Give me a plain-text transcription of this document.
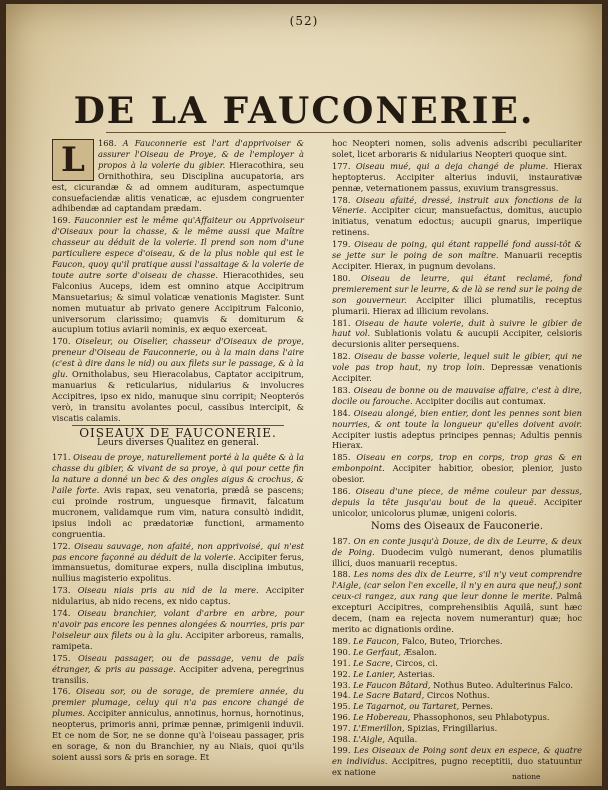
(52)
DE LA FAUCONERIE.

L	168. A Fauconnerie est l'art d'apprivoiser & assurer l'Oiseau de Proye, & de l'employer à propos à la volerie du gibier. Hieracothira, seu Ornithothira, seu Disciplina aucupatoria, ars est, cicurandæ & ad omnem audituram, aspectumque consuefaciendæ alitis venaticæ, ac ejusdem congruenter adhibendæ ad captandam prædam.

169. Fauconnier est le même qu'Affaiteur ou Apprivoiseur d'Oiseaux pour la chasse, & le même aussi que Maître chasseur au déduit de la volerie. Il prend son nom d'une particuliere espece d'oiseau, & de la plus noble qui est le Faucon, quoy qu'il pratique aussi l'assaitage & la volerie de toute autre sorte d'oiseau de chasse. Hieracothides, seu Falconius Auceps, idem est omnino atque Accipitrum Mansuetarius; & simul volaticæ venationis Magister. Sunt nomen mutuatur ab privato genere Accipitrum Falconio, universorum clarissimo; quamvis & domiturum & aucupium totius aviarii nominis, ex æquo exerceat.

170. Oiseleur, ou Oiselier, chasseur d'Oiseaux de proye, preneur d'Oiseau de Fauconnerie, ou à la main dans l'aire (c'est à dire dans le nid) ou aux filets sur le passage, & à la glu. Ornitholabus, seu Hieracolabus, Captator accipitrum, manuarius & reticularius, nidularius & involucres Accipitres, ipso ex nido, manuque sinu corripit; Neopterós verò, in transitu avolantes pocul, cassibus intercipit, & viscatis calamis.

OISEAUX DE FAUCONERIE.
Leurs diverses Qualitez en general.

171. Oiseau de proye, naturellement porté à la quête & à la chasse du gibier, & vivant de sa proye, à qui pour cette fin la nature a donné un bec & des ongles aigus & crochus, & l'aile forte. Avis rapax, seu venatoria, prædâ se pascens; cui proinde rostrum, unguesque firmavit, falcatum mucronem, validamque rum vim, natura consultò indidit, ipsius indoli ac prædatoriæ functioni, armamento congruentia.

172. Oiseau sauvage, non afaité, non apprivoisé, qui n'est pas encore façonné au déduit de la volerie. Accipiter ferus, immansuetus, domiturae expers, nulla disciplina imbutus, nullius magisterio expolitus.

173. Oiseau niais pris au nid de la mere. Accipiter nidularius, ab nido recens, ex nido captus.

174. Oiseau branchier, volant d'arbre en arbre, pour n'avoir pas encore les pennes alongées & nourries, pris par l'oiseleur aux filets ou à la glu. Accipiter arboreus, ramalis, ramipeta.

175. Oiseau passager, ou de passage, venu de païs étranger, & pris au passage. Accipiter advena, peregrinus transilis.

176. Oiseau sor, ou de sorage, de premiere année, du premier plumage, celuy qui n'a pas encore changé de plumes. Accipiter anniculus, annotinus, hornus, hornotinus, neopterus, primoris anni, primæ pennæ, primigenii induvii. Et ce nom de Sor, ne se donne qu'à l'oiseau passager, pris en sorage, & non du Branchier, ny au Niais, quoi qu'ils soient aussi sors & pris en sorage. Et

hoc Neopteri nomen, solis advenis adscribi peculiariter solet, licet arboraris & nidularius Neopteri quoque sint.

177. Oiseau mué, qui a deja changé de plume. Hierax heptopterus. Accipiter alterius induvii, instaurativæ pennæ, veternationem passus, exuvium transgressus.

178. Oiseau afaité, dressé, instruit aux fonctions de la Vénerie. Accipiter cicur, mansuefactus, domitus, aucupio initiatus, venatum edoctus; aucupii gnarus, imperiique retinens.

179. Oiseau de poing, qui étant rappellé fond aussi-tôt & se jette sur le poing de son maître. Manuarii receptis Accipiter. Hierax, in pugnum devolans.

180. Oiseau de leurre, qui étant reclamé, fond premierement sur le leurre, & de là se rend sur le poing de son gouverneur. Accipiter illici plumatilis, receptus plumarii. Hierax ad illicium revolans.

181. Oiseau de haute volerie, duit à suivre le gibier de haut vol. Sublationis volatu & aucupii Accipiter, celsioris decursionis aliter persequens.

182. Oiseau de basse volerie, lequel suit le gibier, qui ne vole pas trop haut, ny trop loin. Depressæ venationis Accipiter.

183. Oiseau de bonne ou de mauvaise affaire, c'est à dire, docile ou farouche. Accipiter docilis aut contumax.

184. Oiseau alongé, bien entier, dont les pennes sont bien nourries, & ont toute la longueur qu'elles doivent avoir. Accipiter iustis adeptus principes pennas; Adultis pennis Hierax.

185. Oiseau en corps, trop en corps, trop gras & en embonpoint. Accipiter habitior, obesior, plenior, justo obesior.

186. Oiseau d'une piece, de même couleur par dessus, depuis la tête jusqu'au bout de la queuë. Accipiter unicolor, unicolorus plumæ, unigeni coloris.

Noms des Oiseaux de Fauconerie.

187. On en conte jusqu'à Douze, de dix de Leurre, & deux de Poing. Duodecim vulgò numerant, denos plumatilis illici, duos manuarii receptus.

188. Les noms des dix de Leurre, s'il n'y veut comprendre l'Aigle, (car selon l'en excelle, il n'y en aura que neuf,) sont ceux-ci rangez, aux rang que leur donne le merite. Palmâ excepturi Accipitres, comprehensibiis Aquilâ, sunt hæc decem, (nam ea rejecta novem numerantur) quæ; hoc merito ac dignationis ordine.

189. Le Faucon, Falco, Buteo, Triorches.

190. Le Gerfaut, Æsalon.

191. Le Sacre, Circos, ci.

192. Le Lanier, Asterias.

193. Le Faucon Bâtard, Nothus Buteo. Adulterinus Falco.

194. Le Sacre Batard, Circos Nothus.

195. Le Tagarnot, ou Tartaret, Pernes.

196. Le Hobereau, Phassophonos, seu Phlabotypus.

197. L'Emerillon, Spizias, Fringillarius.

198. L'Aigle, Aquila.

199. Les Oiseaux de Poing sont deux en espece, & quatre en individus. Accipitres, pugno receptitii, duo statuuntur ex natione	natione
